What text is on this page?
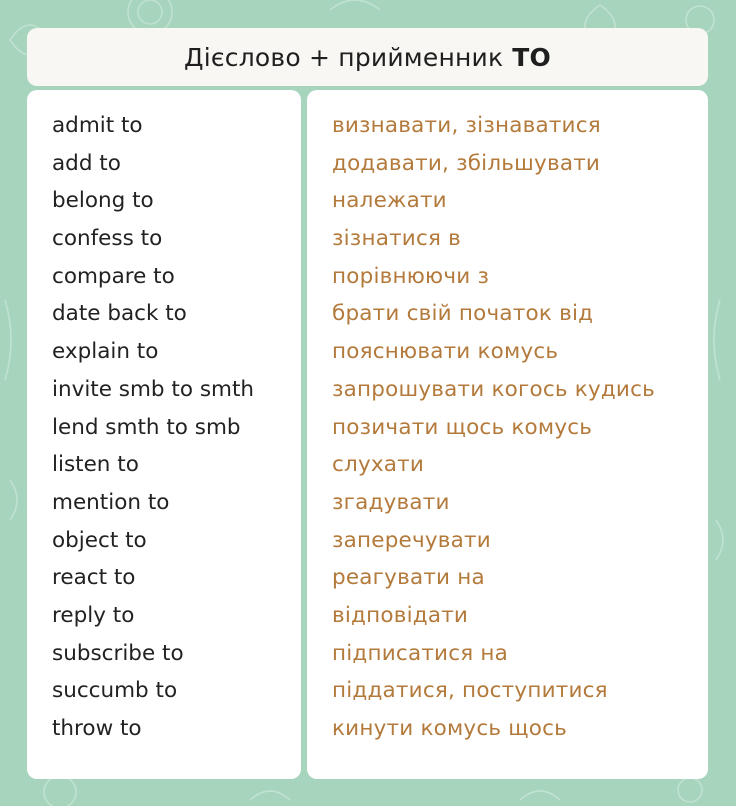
Дієслово + прийменник TO
admit to
add to
belong to
confess to
compare to
date back to
explain to
invite smb to smth
lend smth to smb
listen to
mention to
object to
react to
reply to
subscribe to
succumb to
throw to
визнавати, зізнаватися
додавати, збільшувати
належати
зізнатися в
порівнюючи з
брати свій початок від
пояснювати комусь
запрошувати когось кудись
позичати щось комусь
слухати
згадувати
заперечувати
реагувати на
відповідати
підписатися на
піддатися, поступитися
кинути комусь щось
